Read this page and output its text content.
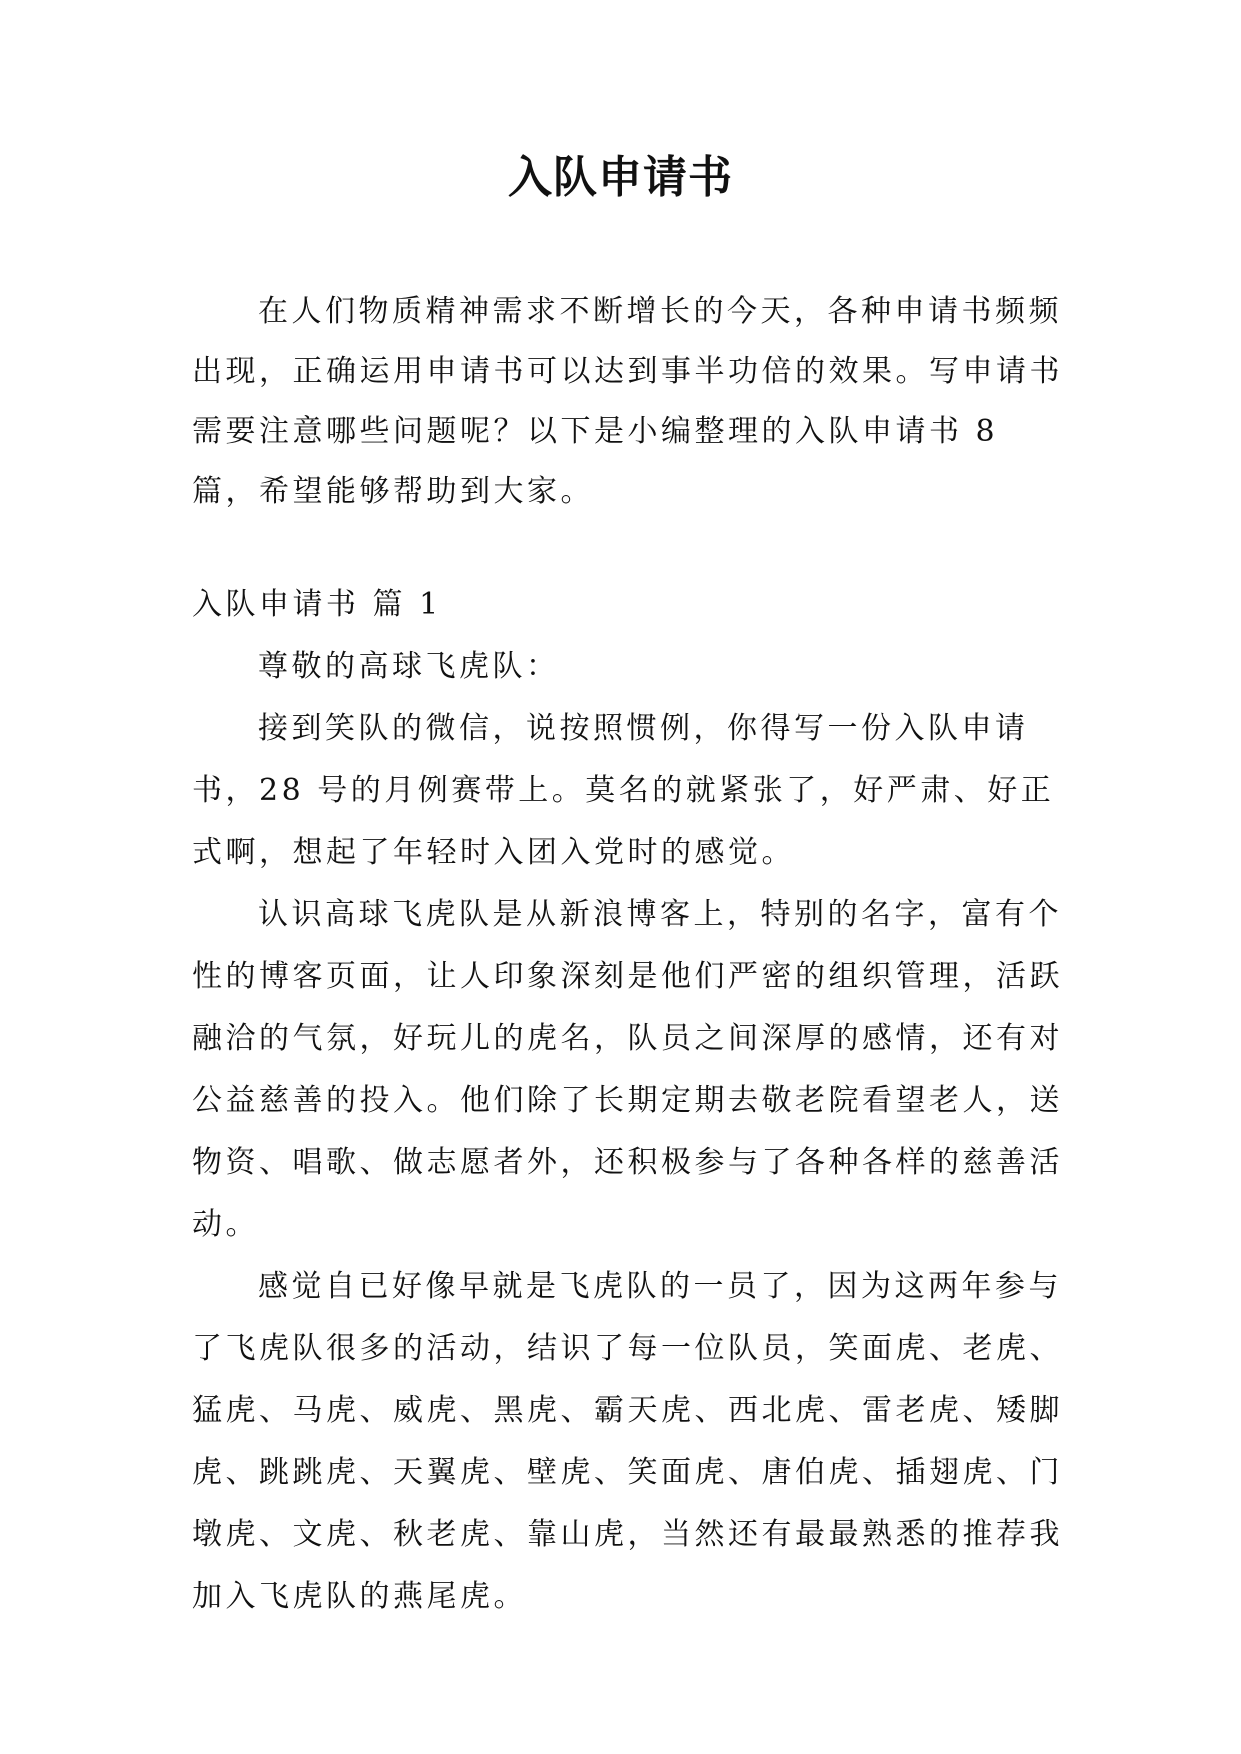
入队申请书

在人们物质精神需求不断增长的今天，各种申请书频频出现，正确运用申请书可以达到事半功倍的效果。写申请书需要注意哪些问题呢？以下是小编整理的入队申请书 8 篇，希望能够帮助到大家。

入队申请书 篇 1

尊敬的高球飞虎队：

接到笑队的微信，说按照惯例，你得写一份入队申请书，28 号的月例赛带上。莫名的就紧张了，好严肃、好正式啊，想起了年轻时入团入党时的感觉。

认识高球飞虎队是从新浪博客上，特别的名字，富有个性的博客页面，让人印象深刻是他们严密的组织管理，活跃融洽的气氛，好玩儿的虎名，队员之间深厚的感情，还有对公益慈善的投入。他们除了长期定期去敬老院看望老人，送物资、唱歌、做志愿者外，还积极参与了各种各样的慈善活动。

感觉自已好像早就是飞虎队的一员了，因为这两年参与了飞虎队很多的活动，结识了每一位队员，笑面虎、老虎、猛虎、马虎、威虎、黑虎、霸天虎、西北虎、雷老虎、矮脚虎、跳跳虎、天翼虎、壁虎、笑面虎、唐伯虎、插翅虎、门墩虎、文虎、秋老虎、靠山虎，当然还有最最熟悉的推荐我加入飞虎队的燕尾虎。
